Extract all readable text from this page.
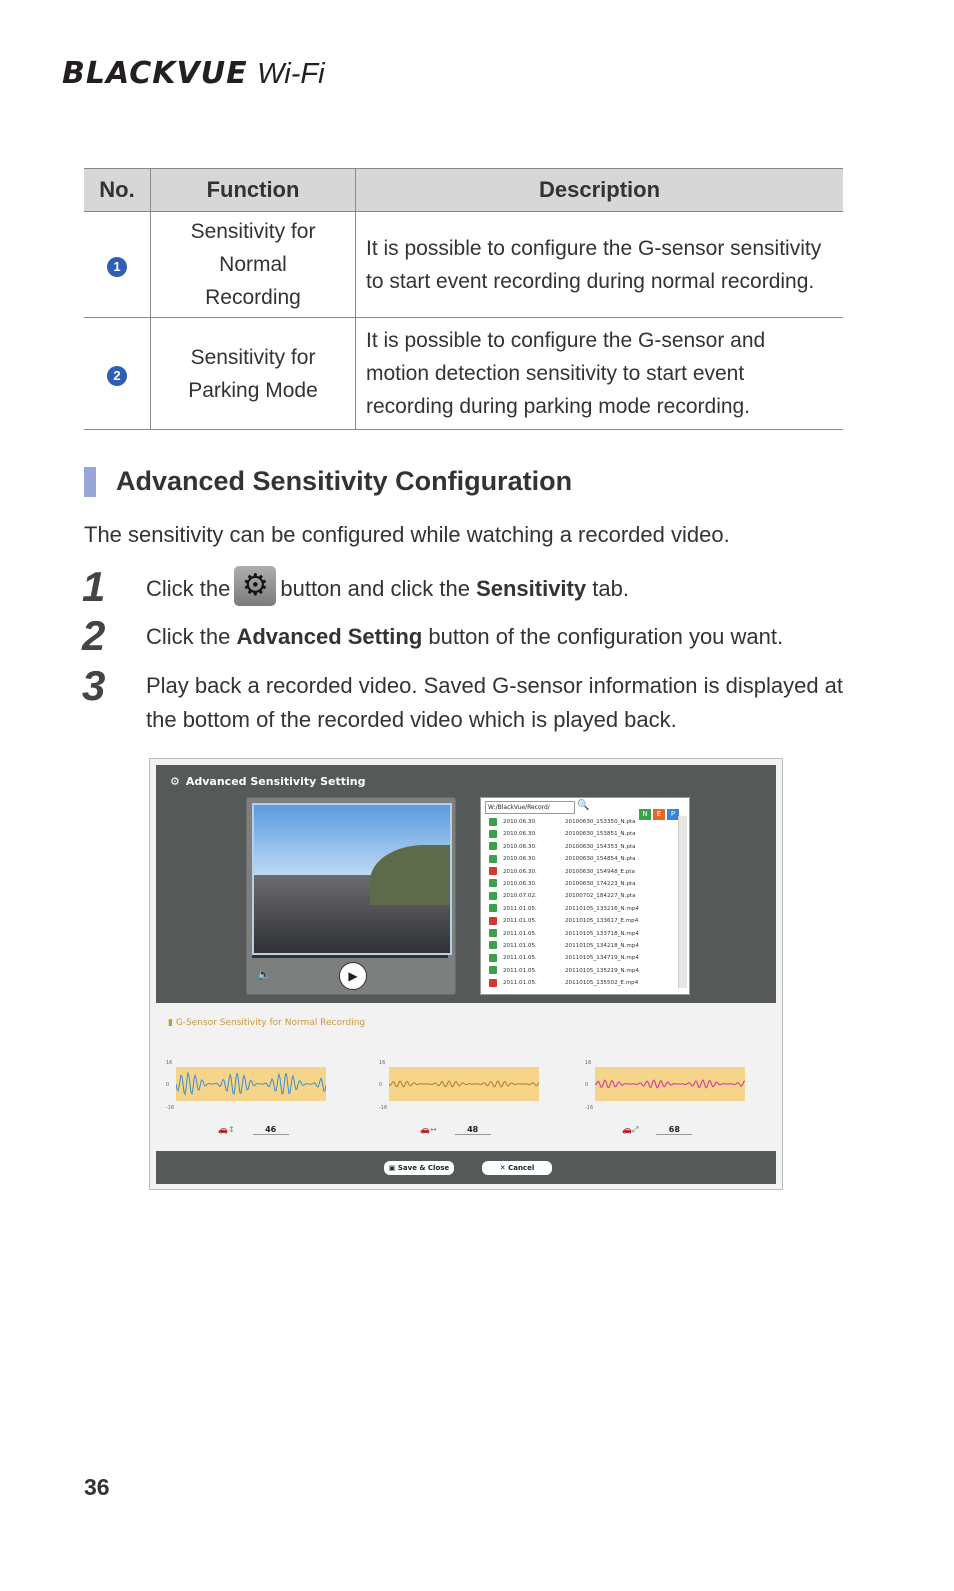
BLACKVUE Wi-Fi
No.	Function	Description
1	Sensitivity for Normal Recording	It is possible to configure the G-sensor sensitivity to start event recording during normal recording.
2	Sensitivity for Parking Mode	It is possible to configure the G-sensor and motion detection sensitivity to start event recording during parking mode recording.
Advanced Sensitivity Configuration
The sensitivity can be configured while watching a recorded video.
1 Click the ⚙ button and click the Sensitivity tab.
2 Click the Advanced Setting button of the configuration you want.
3 Play back a recorded video. Saved G-sensor information is displayed at the bottom of the recorded video which is played back.
⚙ Advanced Sensitivity Setting
🔈	▶
W:/BlackVue/Record/	🔍
N E P
2010.06.30.	20100630_153350_N.pta
2010.06.30.	20100630_153851_N.pta
2010.06.30.	20100630_154353_N.pta
2010.06.30.	20100630_154854_N.pta
2010.06.30.	20100630_154948_E.pta
2010.06.30.	20100630_174223_N.pta
2010.07.02.	20100702_184227_N.pta
2011.01.05.	20110105_133216_N.mp4
2011.01.05.	20110105_133617_E.mp4
2011.01.05.	20110105_133718_N.mp4
2011.01.05.	20110105_134218_N.mp4
2011.01.05.	20110105_134719_N.mp4
2011.01.05.	20110105_135219_N.mp4
2011.01.05.	20110105_135502_E.mp4
▮ G-Sensor Sensitivity for Normal Recording
16
0
-16
16
0
-16
16
0
-16
🚗↕	46	🚗↔	48	🚗⤢	68
▣ Save & Close	✕ Cancel
36
